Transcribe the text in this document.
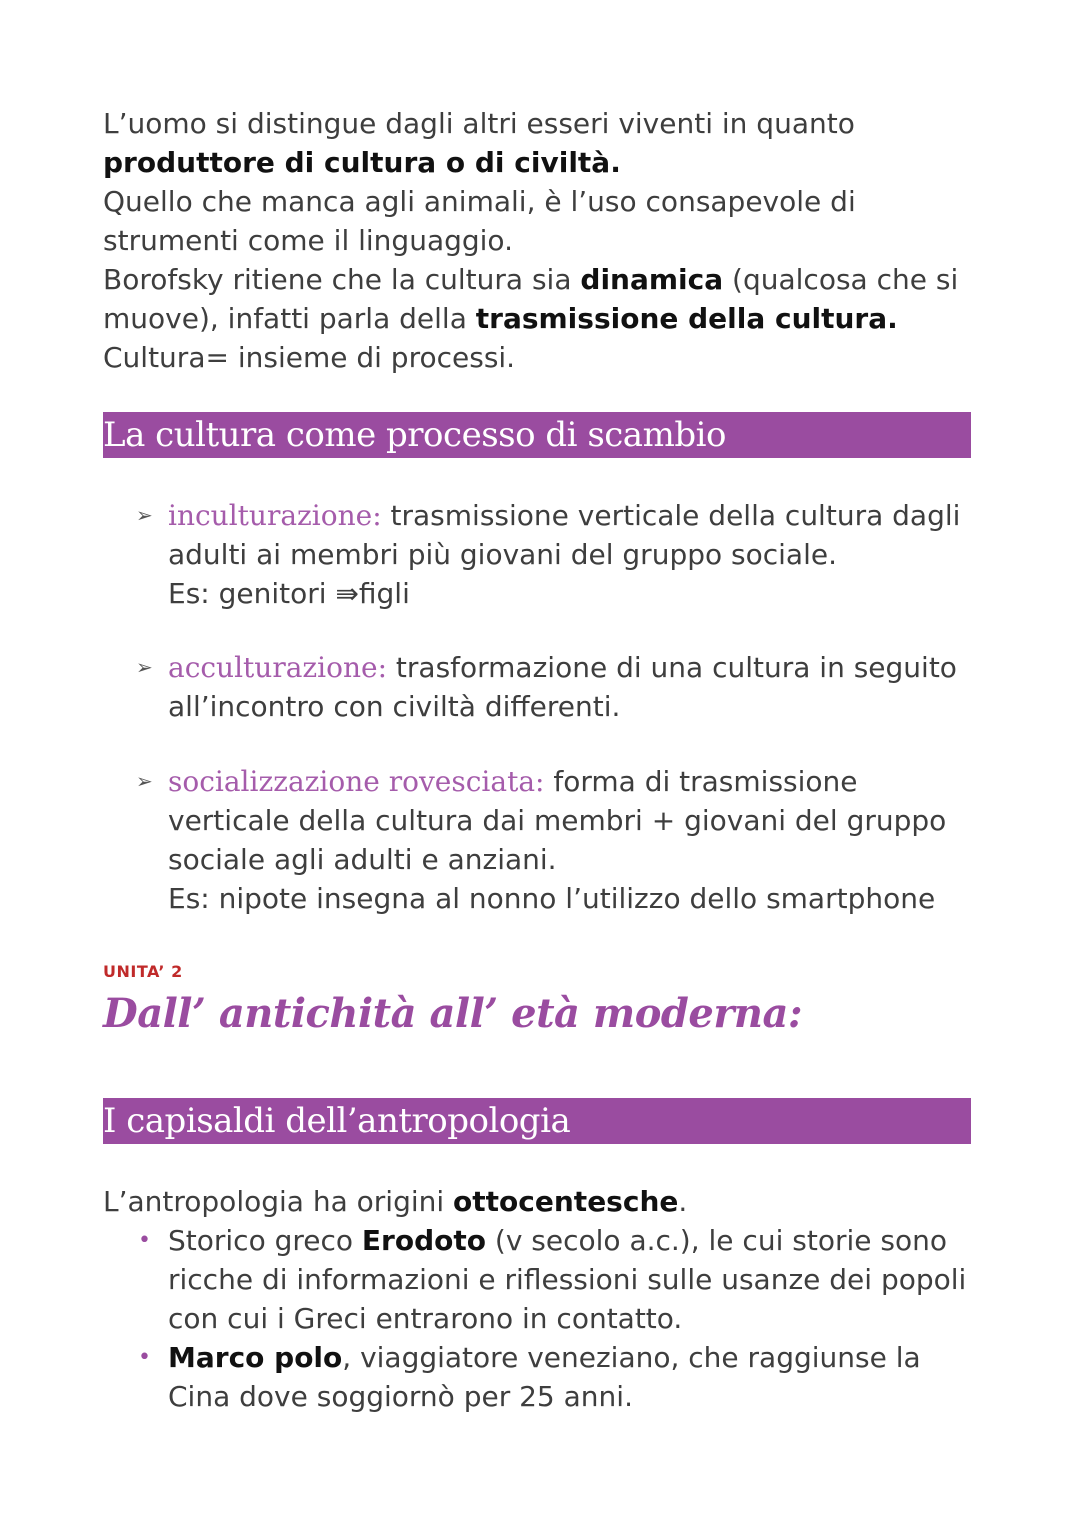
L’uomo si distingue dagli altri esseri viventi in quanto produttore di cultura o di civiltà.
Quello che manca agli animali, è l’uso consapevole di strumenti come il linguaggio.
Borofsky ritiene che la cultura sia dinamica (qualcosa che si muove), infatti parla della trasmissione della cultura.
Cultura= insieme di processi.
La cultura come processo di scambio
➢ inculturazione: trasmissione verticale della cultura dagli adulti ai membri più giovani del gruppo sociale.
Es: genitori ⇛figli
➢ acculturazione: trasformazione di una cultura in seguito all’incontro con civiltà differenti.
➢ socializzazione rovesciata: forma di trasmissione verticale della cultura dai membri + giovani del gruppo sociale agli adulti e anziani.
Es: nipote insegna al nonno l’utilizzo dello smartphone
UNITA’ 2
Dall’ antichità all’ età moderna:
I capisaldi dell’antropologia
L’antropologia ha origini ottocentesche.
• Storico greco Erodoto (v secolo a.c.), le cui storie sono ricche di informazioni e riflessioni sulle usanze dei popoli con cui i Greci entrarono in contatto.
• Marco polo, viaggiatore veneziano, che raggiunse la Cina dove soggiornò per 25 anni.
